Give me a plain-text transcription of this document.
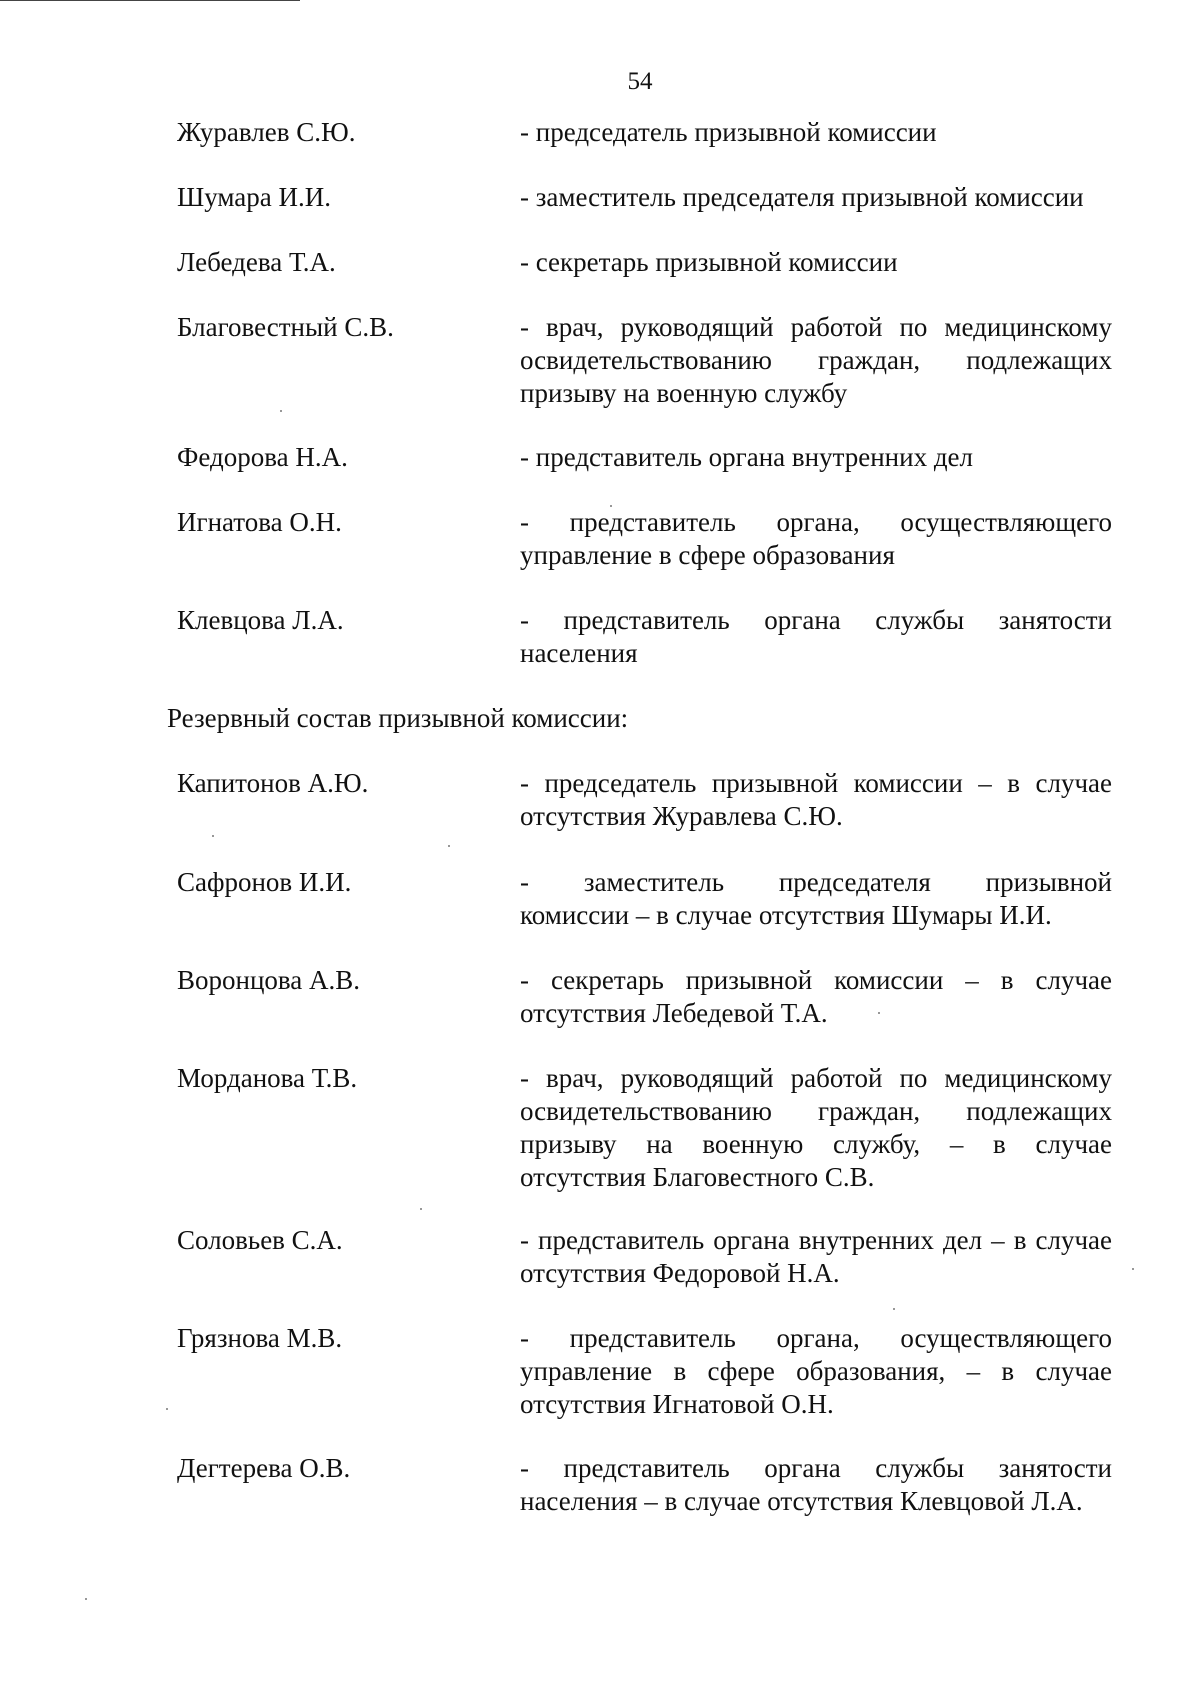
54
Журавлев С.Ю.	- председатель призывной комиссии
Шумара И.И.	- заместитель председателя призывной комиссии
Лебедева Т.А.	- секретарь призывной комиссии
Благовестный С.В.	- врач, руководящий работой по медицинскому
освидетельствованию граждан, подлежащих
призыву на военную службу
Федорова Н.А.	- представитель органа внутренних дел
Игнатова О.Н.	- представитель органа, осуществляющего
управление в сфере образования
Клевцова Л.А.	- представитель органа службы занятости
населения
Резервный состав призывной комиссии:
Капитонов А.Ю.	- председатель призывной комиссии – в случае
отсутствия Журавлева С.Ю.
Сафронов И.И.	- заместитель председателя призывной
комиссии – в случае отсутствия Шумары И.И.
Воронцова А.В.	- секретарь призывной комиссии – в случае
отсутствия Лебедевой Т.А.
Морданова Т.В.	- врач, руководящий работой по медицинскому
освидетельствованию граждан, подлежащих
призыву на военную службу, – в случае
отсутствия Благовестного С.В.
Соловьев С.А.	- представитель органа внутренних дел – в случае
отсутствия Федоровой Н.А.
Грязнова М.В.	- представитель органа, осуществляющего
управление в сфере образования, – в случае
отсутствия Игнатовой О.Н.
Дегтерева О.В.	- представитель органа службы занятости
населения – в случае отсутствия Клевцовой Л.А.
